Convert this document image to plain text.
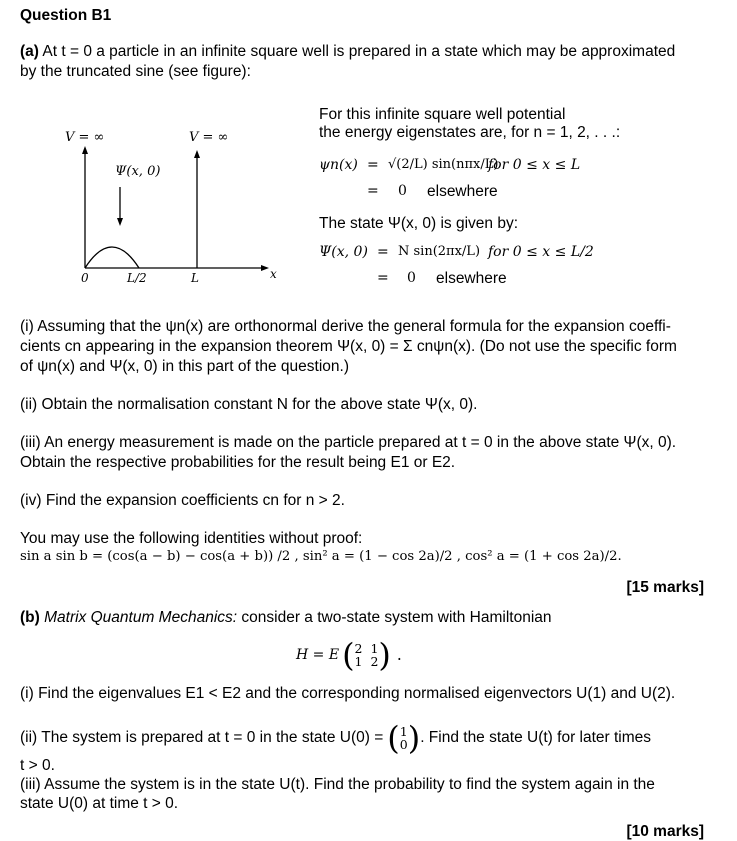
Question B1
(a) At t = 0 a particle in an infinite square well is prepared in a state which may be approximated
by the truncated sine (see figure):
V = ∞	V = ∞
x
Ψ(x, 0)
0	L/2	L
For this infinite square well potential
the energy eigenstates are, for n = 1, 2, . . .:
ψn(x) = √(2/L) sin(nπx/L)
for 0 ≤ x ≤ L
= 0 elsewhere
The state Ψ(x, 0) is given by:
Ψ(x, 0) = N sin(2πx/L) for 0 ≤ x ≤ L/2
= 0 elsewhere
(i) Assuming that the ψn(x) are orthonormal derive the general formula for the expansion coeffi-
cients cn appearing in the expansion theorem Ψ(x, 0) = Σ cnψn(x). (Do not use the specific form
of ψn(x) and Ψ(x, 0) in this part of the question.)
(ii) Obtain the normalisation constant N for the above state Ψ(x, 0).
(iii) An energy measurement is made on the particle prepared at t = 0 in the above state Ψ(x, 0).
Obtain the respective probabilities for the result being E1 or E2.
(iv) Find the expansion coefficients cn for n > 2.
You may use the following identities without proof:
sin a sin b = (cos(a − b) − cos(a + b)) /2 , sin² a = (1 − cos 2a)/2 , cos² a = (1 + cos 2a)/2.
[15 marks]
(b) Matrix Quantum Mechanics: consider a two-state system with Hamiltonian
H = E ( 2 1
1 2 ) .
(i) Find the eigenvalues E1 < E2 and the corresponding normalised eigenvectors U(1) and U(2).
(ii) The system is prepared at t = 0 in the state U(0) = ( 1
0 ) . Find the state U(t) for later times
t > 0.
(iii) Assume the system is in the state U(t). Find the probability to find the system again in the
state U(0) at time t > 0.
[10 marks]
